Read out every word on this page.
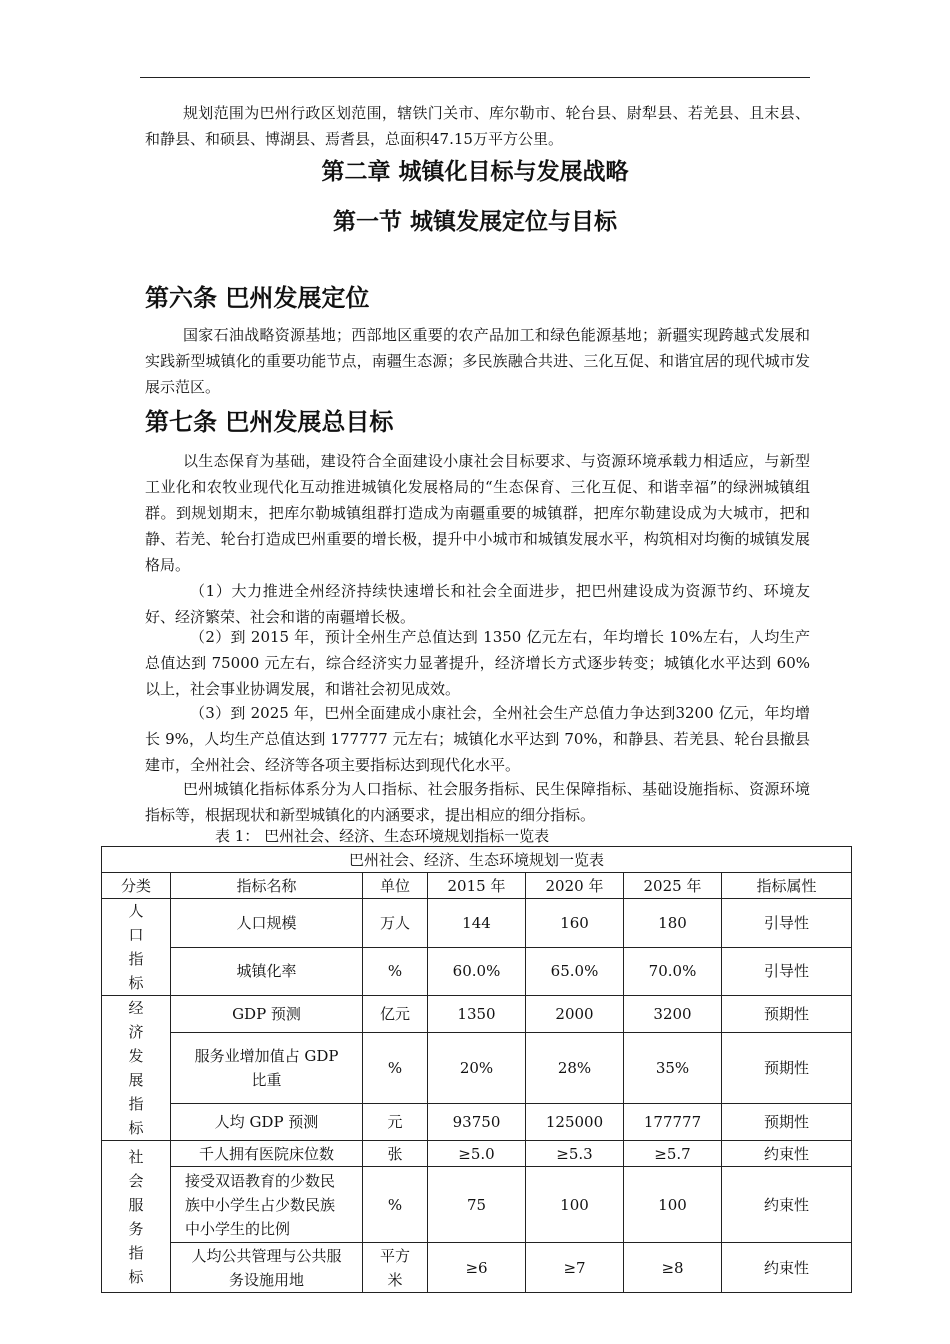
规划范围为巴州行政区划范围，辖铁门关市、库尔勒市、轮台县、尉犁县、若羌县、且末县、和静县、和硕县、博湖县、焉耆县，总面积47.15万平方公里。

第二章 城镇化目标与发展战略
第一节 城镇发展定位与目标
第六条 巴州发展定位

国家石油战略资源基地；西部地区重要的农产品加工和绿色能源基地；新疆实现跨越式发展和实践新型城镇化的重要功能节点，南疆生态源；多民族融合共进、三化互促、和谐宜居的现代城市发展示范区。

第七条 巴州发展总目标

以生态保育为基础，建设符合全面建设小康社会目标要求、与资源环境承载力相适应，与新型工业化和农牧业现代化互动推进城镇化发展格局的“生态保育、三化互促、和谐幸福”的绿洲城镇组群。到规划期末，把库尔勒城镇组群打造成为南疆重要的城镇群，把库尔勒建设成为大城市，把和静、若羌、轮台打造成巴州重要的增长极，提升中小城市和城镇发展水平，构筑相对均衡的城镇发展格局。

（1）大力推进全州经济持续快速增长和社会全面进步，把巴州建设成为资源节约、环境友好、经济繁荣、社会和谐的南疆增长极。

（2）到 2015 年，预计全州生产总值达到 1350 亿元左右，年均增长 10%左右，人均生产总值达到 75000 元左右，综合经济实力显著提升，经济增长方式逐步转变；城镇化水平达到 60%以上，社会事业协调发展，和谐社会初见成效。

（3）到 2025 年，巴州全面建成小康社会，全州社会生产总值力争达到3200 亿元，年均增长 9%，人均生产总值达到 177777 元左右；城镇化水平达到 70%，和静县、若羌县、轮台县撤县建市，全州社会、经济等各项主要指标达到现代化水平。

巴州城镇化指标体系分为人口指标、社会服务指标、民生保障指标、基础设施指标、资源环境指标等，根据现状和新型城镇化的内涵要求，提出相应的细分指标。

表 1： 巴州社会、经济、生态环境规划指标一览表

巴州社会、经济、生态环境规划一览表						
分类	指标名称	单位	2015 年	2020 年	2025 年	指标属性
人口指标	人口规模	万人	144	160	180	引导性
	城镇化率	%	60.0%	65.0%	70.0%	引导性
经济发展指标	GDP 预测	亿元	1350	2000	3200	预期性
	服务业增加值占 GDP 比重	%	20%	28%	35%	预期性
	人均 GDP 预测	元	93750	125000	177777	预期性
社会服务指标	千人拥有医院床位数	张	≥5.0	≥5.3	≥5.7	约束性
	接受双语教育的少数民族中小学生占少数民族中小学生的比例	%	75	100	100	约束性
	人均公共管理与公共服务设施用地	平方米	≥6	≥7	≥8	约束性
